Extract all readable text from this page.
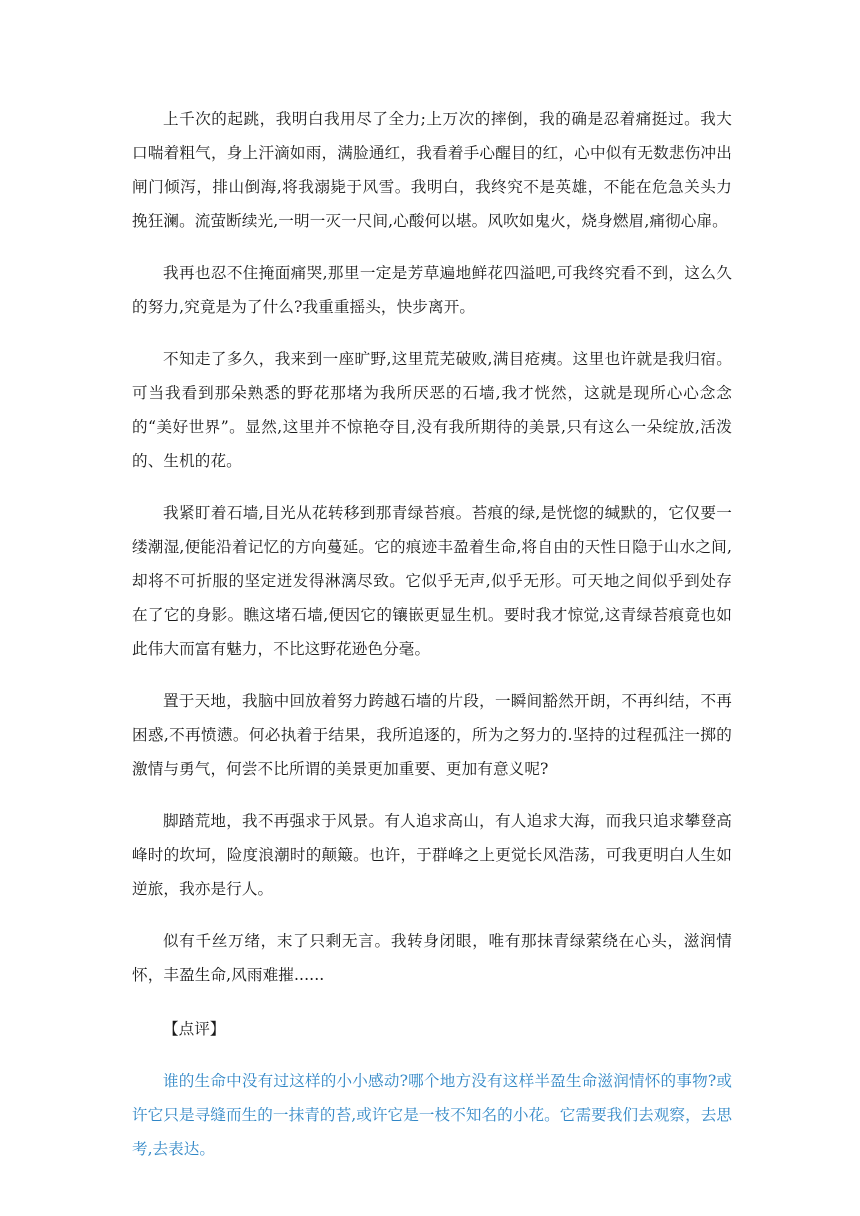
上千次的起跳，我明白我用尽了全力;上万次的摔倒，我的确是忍着痛挺过。我大口喘着粗气，身上汗滴如雨，满脸通红，我看着手心醒目的红，心中似有无数悲伤冲出闸门倾泻，排山倒海,将我溺毙于风雪。我明白，我终究不是英雄，不能在危急关头力挽狂澜。流萤断续光,一明一灭一尺间,心酸何以堪。风吹如鬼火，烧身燃眉,痛彻心扉。

我再也忍不住掩面痛哭,那里一定是芳草遍地鲜花四溢吧,可我终究看不到，这么久的努力,究竟是为了什么?我重重摇头，快步离开。

不知走了多久，我来到一座旷野,这里荒芜破败,满目疮痍。这里也许就是我归宿。可当我看到那朵熟悉的野花那堵为我所厌恶的石墙,我才恍然，这就是现所心心念念的“美好世界”。显然,这里并不惊艳夺目,没有我所期待的美景,只有这么一朵绽放,活泼的、生机的花。

我紧盯着石墙,目光从花转移到那青绿苔痕。苔痕的绿,是恍惚的缄默的，它仅要一缕潮湿,便能沿着记忆的方向蔓延。它的痕迹丰盈着生命,将自由的天性日隐于山水之间,却将不可折服的坚定迸发得淋漓尽致。它似乎无声,似乎无形。可天地之间似乎到处存在了它的身影。瞧这堵石墙,便因它的镶嵌更显生机。要时我才惊觉,这青绿苔痕竟也如此伟大而富有魅力，不比这野花逊色分毫。

置于天地，我脑中回放着努力跨越石墙的片段，一瞬间豁然开朗，不再纠结，不再困惑,不再愤懑。何必执着于结果，我所追逐的，所为之努力的.坚持的过程孤注一掷的激情与勇气，何尝不比所谓的美景更加重要、更加有意义呢?

脚踏荒地，我不再强求于风景。有人追求高山，有人追求大海，而我只追求攀登高峰时的坎坷，险度浪潮时的颠簸。也许，于群峰之上更觉长风浩荡，可我更明白人生如逆旅，我亦是行人。

似有千丝万绪，末了只剩无言。我转身闭眼，唯有那抹青绿萦绕在心头，滋润情怀，丰盈生命,风雨难摧......

【点评】

谁的生命中没有过这样的小小感动?哪个地方没有这样半盈生命滋润情怀的事物?或许它只是寻缝而生的一抹青的苔,或许它是一枝不知名的小花。它需要我们去观察，去思考,去表达。
